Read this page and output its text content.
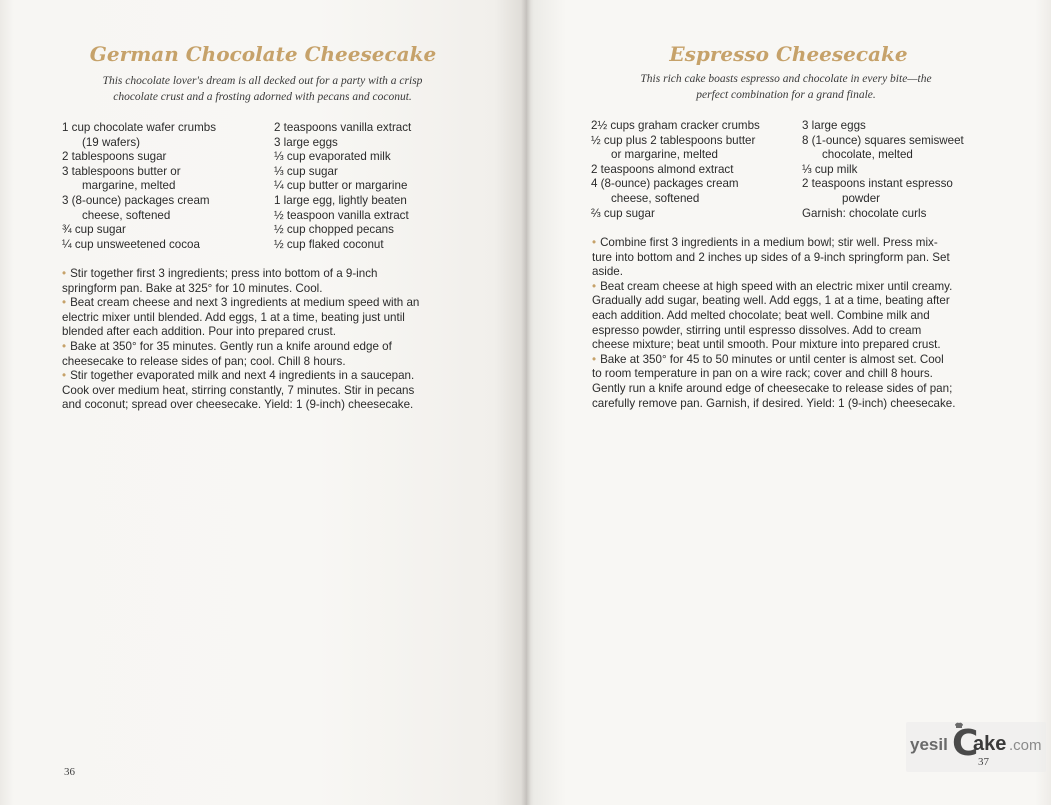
German Chocolate Cheesecake
This chocolate lover's dream is all decked out for a party with a crisp
chocolate crust and a frosting adorned with pecans and coconut.
1 cup chocolate wafer crumbs
(19 wafers)
2 tablespoons sugar
3 tablespoons butter or
margarine, melted
3 (8-ounce) packages cream
cheese, softened
¾ cup sugar
¼ cup unsweetened cocoa
2 teaspoons vanilla extract
3 large eggs
⅓ cup evaporated milk
⅓ cup sugar
¼ cup butter or margarine
1 large egg, lightly beaten
½ teaspoon vanilla extract
½ cup chopped pecans
½ cup flaked coconut
• Stir together first 3 ingredients; press into bottom of a 9-inch
springform pan. Bake at 325° for 10 minutes. Cool.
• Beat cream cheese and next 3 ingredients at medium speed with an
electric mixer until blended. Add eggs, 1 at a time, beating just until
blended after each addition. Pour into prepared crust.
• Bake at 350° for 35 minutes. Gently run a knife around edge of
cheesecake to release sides of pan; cool. Chill 8 hours.
• Stir together evaporated milk and next 4 ingredients in a saucepan.
Cook over medium heat, stirring constantly, 7 minutes. Stir in pecans
and coconut; spread over cheesecake. Yield: 1 (9-inch) cheesecake.
36
Espresso Cheesecake
This rich cake boasts espresso and chocolate in every bite—the
perfect combination for a grand finale.
2½ cups graham cracker crumbs
½ cup plus 2 tablespoons butter
or margarine, melted
2 teaspoons almond extract
4 (8-ounce) packages cream
cheese, softened
⅔ cup sugar
3 large eggs
8 (1-ounce) squares semisweet
chocolate, melted
⅓ cup milk
2 teaspoons instant espresso
powder
Garnish: chocolate curls
• Combine first 3 ingredients in a medium bowl; stir well. Press mix-
ture into bottom and 2 inches up sides of a 9-inch springform pan. Set
aside.
• Beat cream cheese at high speed with an electric mixer until creamy.
Gradually add sugar, beating well. Add eggs, 1 at a time, beating after
each addition. Add melted chocolate; beat well. Combine milk and
espresso powder, stirring until espresso dissolves. Add to cream
cheese mixture; beat until smooth. Pour mixture into prepared crust.
• Bake at 350° for 45 to 50 minutes or until center is almost set. Cool
to room temperature in pan on a wire rack; cover and chill 8 hours.
Gently run a knife around edge of cheesecake to release sides of pan;
carefully remove pan. Garnish, if desired. Yield: 1 (9-inch) cheesecake.
yesil C
ake .com
37
